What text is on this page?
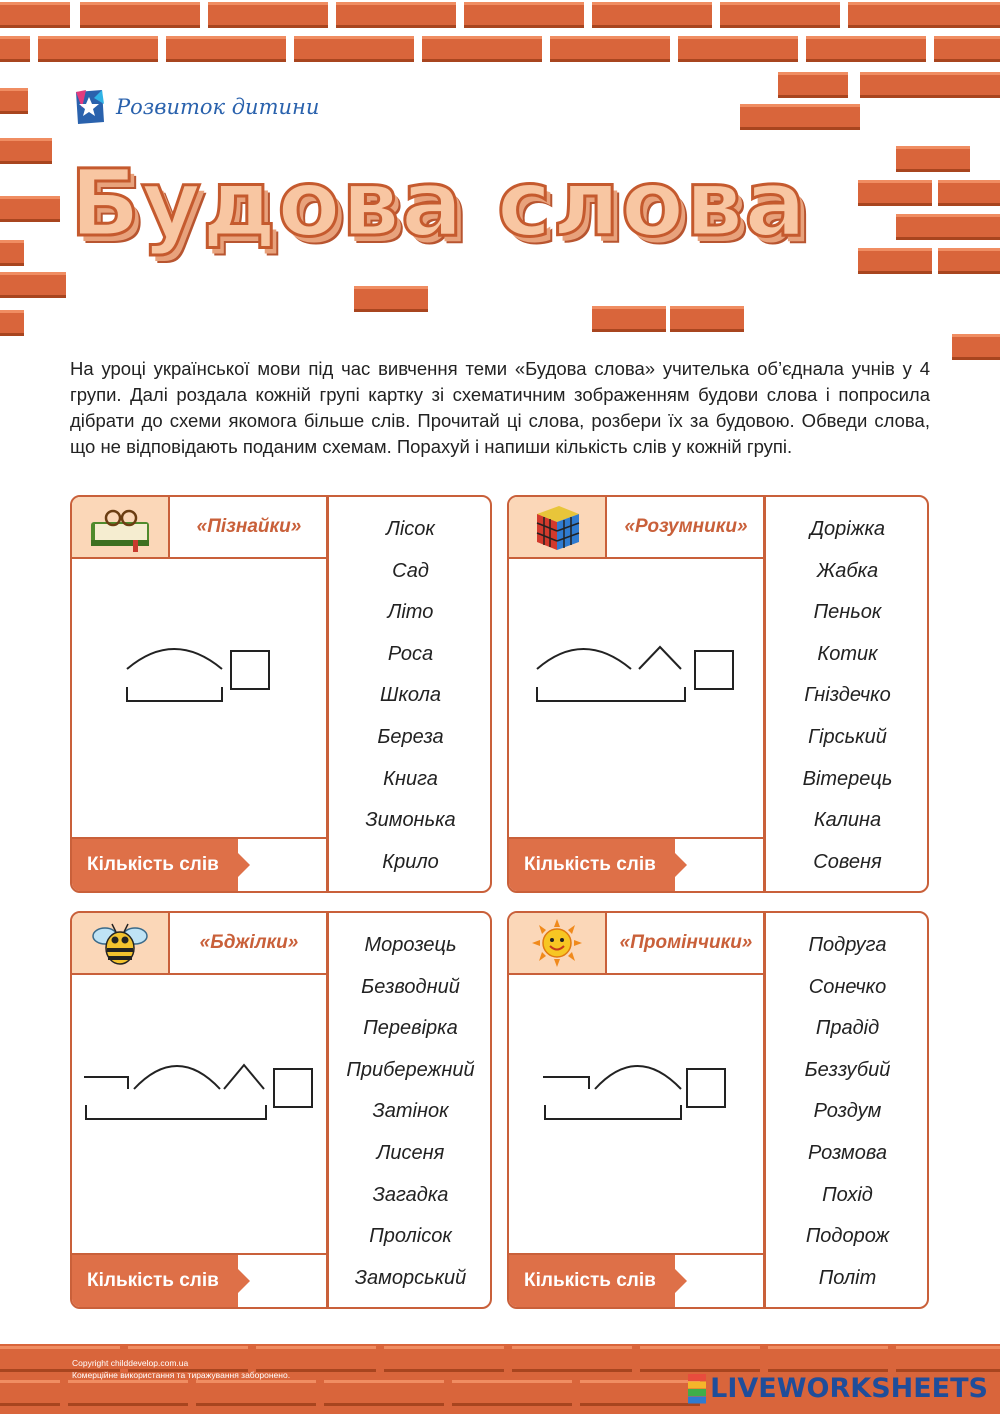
Розвиток дитини
Будова слова
На уроці української мови під час вивчення теми «Будова слова» учителька об’єднала учнів у 4 групи. Далі роздала кожній групі картку зі схематичним зображенням будови слова і попросила дібрати до схеми якомога більше слів. Прочитай ці слова, розбери їх за будовою. Обведи слова, що не відповідають поданим схемам. Порахуй і напиши кількість слів у кожній групі.
«Пізнайки»
Кількість слів
Лісок
Сад
Літо
Роса
Школа
Береза
Книга
Зимонька
Крило
«Розумники»
Кількість слів
Доріжка
Жабка
Пеньок
Котик
Гніздечко
Гірський
Вітерець
Калина
Совеня
«Бджілки»
Кількість слів
Морозець
Безводний
Перевірка
Прибережний
Затінок
Лисеня
Загадка
Пролісок
Заморський
«Промінчики»
Кількість слів
Подруга
Сонечко
Прадід
Беззубий
Роздум
Розмова
Похід
Подорож
Політ
Copyright childdevelop.com.ua
Комерційне використання та тиражування заборонено.	LIVEWORKSHEETS
